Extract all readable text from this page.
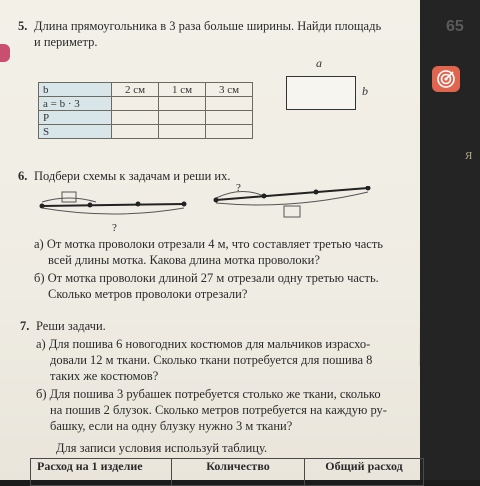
65
Я
5. Длина прямоугольника в 3 раза больше ширины. Найди площадь
и периметр.
b	2 см	1 см	3 см
a = b · 3			
P			
S			
a
b
6. Подбери схемы к задачам и реши их.
?
?
а) От мотка проволоки отрезали 4 м, что составляет третью часть
всей длины мотка. Какова длина мотка проволоки?
б) От мотка проволоки длиной 27 м отрезали одну третью часть.
Сколько метров проволоки отрезали?
7. Реши задачи.
а) Для пошива 6 новогодних костюмов для мальчиков израсхо-
довали 12 м ткани. Сколько ткани потребуется для пошива 8
таких же костюмов?
б) Для пошива 3 рубашек потребуется столько же ткани, сколько
на пошив 2 блузок. Сколько метров потребуется на каждую ру-
башку, если на одну блузку нужно 3 м ткани?
Для записи условия используй таблицу.
Расход на 1 изделие	Количество	Общий расход
